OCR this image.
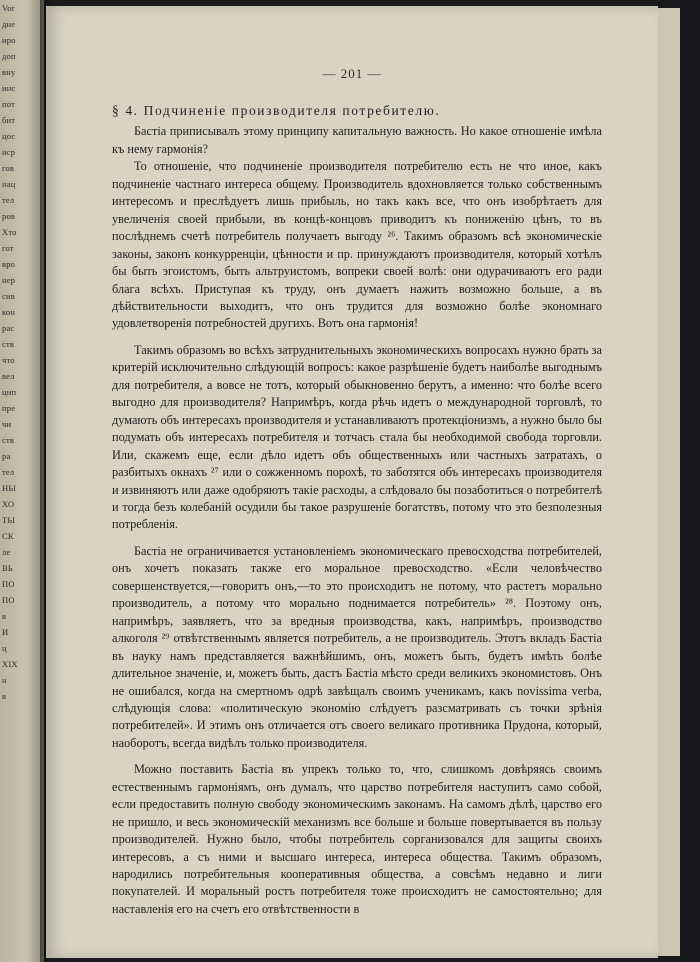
Vor
дне
иро
доп
вну
инс
пот
бит
цос
иср
гов
нац
тел
ров
Хто
гот
вро
нер
сив
кон
рас
ств
что
вел
цип
пре
чи
ств
ра
тел
НЫ
ХО
ТЫ
СК
ле
ВЬ
ПО
ПО
в
И
ц
XIX
н
в
— 201 —
§ 4. Подчиненіе производителя потребителю.

Бастіа приписывалъ этому принципу капитальную важность. Но какое отношеніе имѣла къ нему гармонія?

То отношеніе, что подчиненіе производителя потребителю есть не что иное, какъ подчиненіе частнаго интереса общему. Производитель вдохновляется только собственнымъ интересомъ и преслѣдуетъ лишь прибыль, но такъ какъ все, что онъ изобрѣтаетъ для увеличенія своей прибыли, въ концѣ-концовъ приводитъ къ пониженію цѣнъ, то въ послѣднемъ счетѣ потребитель получаетъ выгоду ²⁶. Такимъ образомъ всѣ экономическіе законы, законъ конкурренціи, цѣнности и пр. принуждаютъ производителя, который хотѣлъ бы быть эгоистомъ, быть альтруистомъ, вопреки своей волѣ: они одурачиваютъ его ради блага всѣхъ. Приступая къ труду, онъ думаетъ нажить возможно больше, а въ дѣйствительности выходитъ, что онъ трудится для возможно болѣе экономнаго удовлетворенія потребностей другихъ. Вотъ она гармонія!

Такимъ образомъ во всѣхъ затруднительныхъ экономическихъ вопросахъ нужно брать за критерій исключительно слѣдующій вопросъ: какое разрѣшеніе будетъ наиболѣе выгоднымъ для потребителя, а вовсе не тотъ, который обыкновенно берутъ, а именно: что болѣе всего выгодно для производителя? Напримѣръ, когда рѣчь идетъ о международной торговлѣ, то думають объ интересахъ производителя и устанавливаютъ протекціонизмъ, а нужно было бы подумать объ интересахъ потребителя и тотчасъ стала бы необходимой свобода торговли. Или, скажемъ еще, если дѣло идетъ объ общественныхъ или частныхъ затратахъ, о разбитыхъ окнахъ ²⁷ или о сожженномъ порохѣ, то заботятся объ интересахъ производителя и извиняютъ или даже одобряютъ такіе расходы, а слѣдовало бы позаботиться о потребителѣ и тогда безъ колебаній осудили бы такое разрушеніе богатствъ, потому что это безполезныя потребленія.

Бастіа не ограничивается установленіемъ экономическаго превосходства потребителей, онъ хочетъ показать также его моральное превосходство. «Если человѣчество совершенствуется,—говоритъ онъ,—то это происходитъ не потому, что растетъ морально производитель, а потому что морально поднимается потребитель» ²⁸. Поэтому онъ, напримѣръ, заявляетъ, что за вредныя производства, какъ, напримѣръ, производство алкоголя ²⁹ отвѣтственнымъ является потребитель, а не производитель. Этотъ вкладъ Бастіа въ науку намъ представляется важнѣйшимъ, онъ, можетъ быть, будетъ имѣть болѣе длительное значеніе, и, можетъ быть, дастъ Бастіа мѣсто среди великихъ экономистовъ. Онъ не ошибался, когда на смертномъ одрѣ завѣщалъ своимъ ученикамъ, какъ novissima verba, слѣдующія слова: «политическую экономію слѣдуетъ разсматривать съ точки зрѣнія потребителей». И этимъ онъ отличается отъ своего великаго противника Прудона, который, наоборотъ, всегда видѣлъ только производителя.

Можно поставить Бастіа въ упрекъ только то, что, слишкомъ довѣряясь своимъ естественнымъ гармоніямъ, онъ думалъ, что царство потребителя наступитъ само собой, если предоставить полную свободу экономическимъ законамъ. На самомъ дѣлѣ, царство его не пришло, и весь экономическій механизмъ все больше и больше повертывается въ пользу производителей. Нужно было, чтобы потребитель сорганизовался для защиты своихъ интересовъ, а съ ними и высшаго интереса, интереса общества. Такимъ образомъ, народились потребительныя кооперативныя общества, а совсѣмъ недавно и лиги покупателей. И моральный ростъ потребителя тоже происходитъ не самостоятельно; для наставленія его на счетъ его отвѣтственности в
